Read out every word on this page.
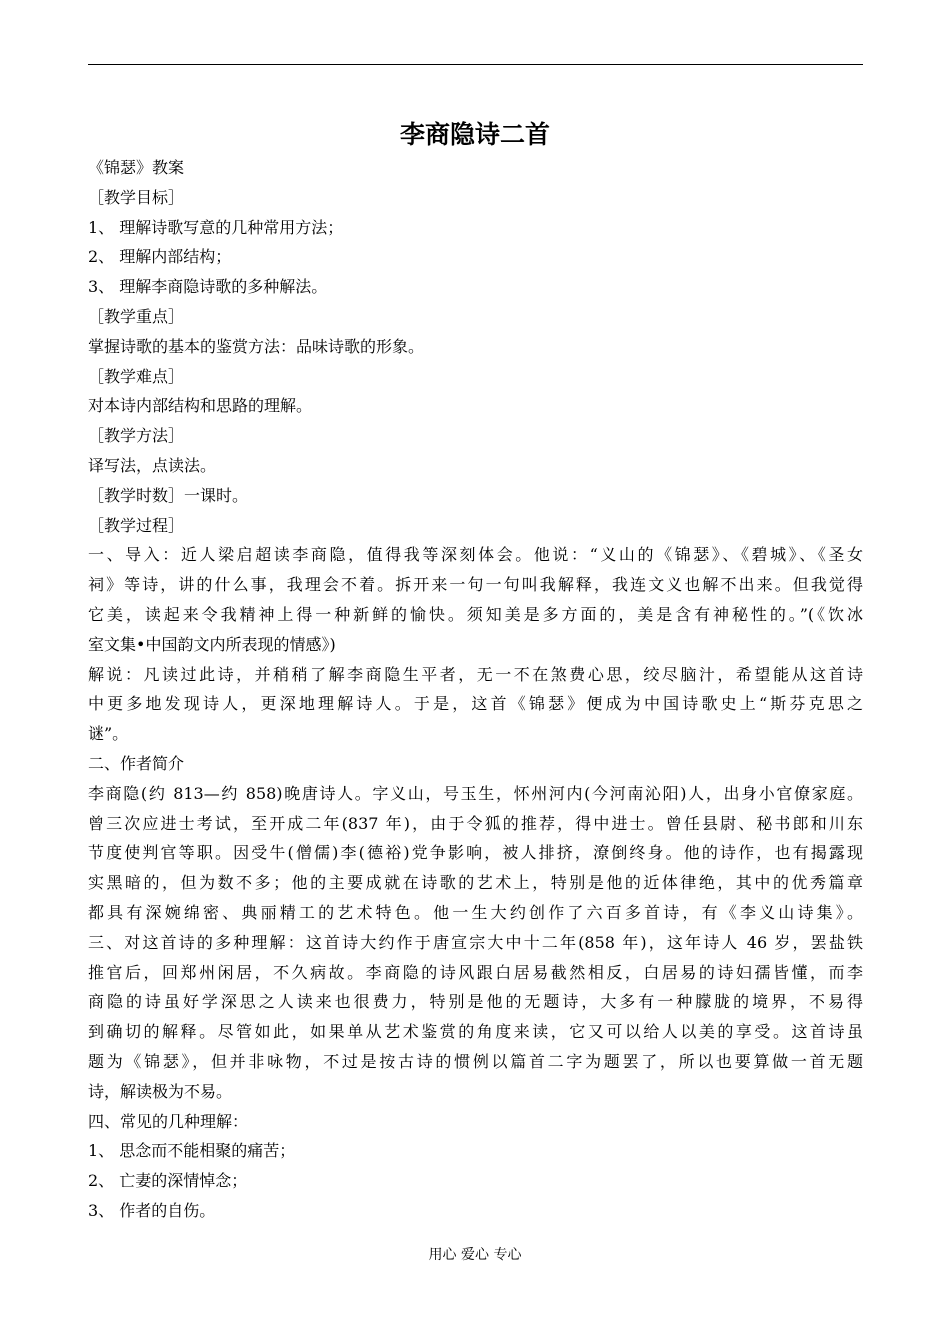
李商隐诗二首
《锦瑟》教案
［教学目标］
1、 理解诗歌写意的几种常用方法；
2、 理解内部结构；
3、 理解李商隐诗歌的多种解法。
［教学重点］
掌握诗歌的基本的鉴赏方法：品味诗歌的形象。
［教学难点］
对本诗内部结构和思路的理解。
［教学方法］
译写法，点读法。
［教学时数］一课时。
［教学过程］
一、导入：近人梁启超读李商隐，值得我等深刻体会。他说：“义山的《锦瑟》、《碧城》、《圣女
祠》等诗，讲的什么事，我理会不着。拆开来一句一句叫我解释，我连文义也解不出来。但我觉得
它美，读起来令我精神上得一种新鲜的愉快。须知美是多方面的，美是含有神秘性的。”(《饮冰
室文集•中国韵文内所表现的情感》)
解说：凡读过此诗，并稍稍了解李商隐生平者，无一不在煞费心思，绞尽脑汁，希望能从这首诗
中更多地发现诗人，更深地理解诗人。于是，这首《锦瑟》便成为中国诗歌史上“斯芬克思之
谜”。
二、作者简介
李商隐(约 813—约 858)晚唐诗人。字义山，号玉生，怀州河内(今河南沁阳)人，出身小官僚家庭。
曾三次应进士考试，至开成二年(837 年)，由于令狐的推荐，得中进士。曾任县尉、秘书郎和川东
节度使判官等职。因受牛(僧儒)李(德裕)党争影响，被人排挤，潦倒终身。他的诗作，也有揭露现
实黑暗的，但为数不多；他的主要成就在诗歌的艺术上，特别是他的近体律绝，其中的优秀篇章
都具有深婉绵密、典丽精工的艺术特色。他一生大约创作了六百多首诗，有《李义山诗集》。
三、对这首诗的多种理解：这首诗大约作于唐宣宗大中十二年(858 年)，这年诗人 46 岁，罢盐铁
推官后，回郑州闲居，不久病故。李商隐的诗风跟白居易截然相反，白居易的诗妇孺皆懂，而李
商隐的诗虽好学深思之人读来也很费力，特别是他的无题诗，大多有一种朦胧的境界，不易得
到确切的解释。尽管如此，如果单从艺术鉴赏的角度来读，它又可以给人以美的享受。这首诗虽
题为《锦瑟》，但并非咏物，不过是按古诗的惯例以篇首二字为题罢了，所以也要算做一首无题
诗，解读极为不易。
四、常见的几种理解：
1、 思念而不能相聚的痛苦；
2、 亡妻的深情悼念；
3、 作者的自伤。
用心 爱心 专心
